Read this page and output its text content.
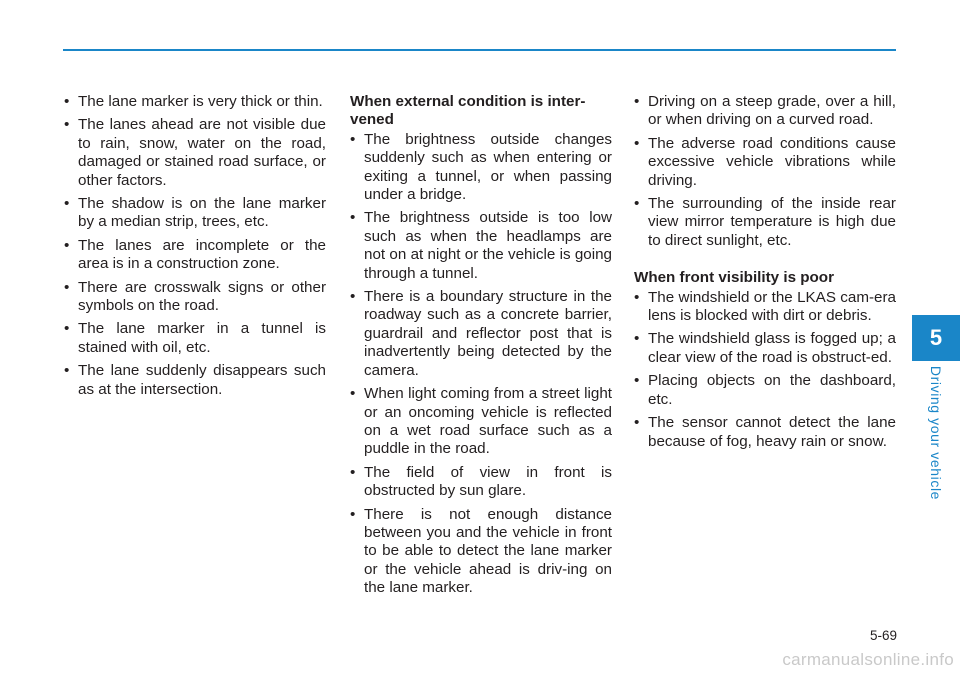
• The lane marker is very thick or thin.
• The lanes ahead are not visible due to rain, snow, water on the road, damaged or stained road surface, or other factors.
• The shadow is on the lane marker by a median strip, trees, etc.
• The lanes are incomplete or the area is in a construction zone.
• There are crosswalk signs or other symbols on the road.
• The lane marker in a tunnel is stained with oil, etc.
• The lane suddenly disappears such as at the intersection.
When external condition is inter-vened
• The brightness outside changes suddenly such as when entering or exiting a tunnel, or when passing under a bridge.
• The brightness outside is too low such as when the headlamps are not on at night or the vehicle is going through a tunnel.
• There is a boundary structure in the roadway such as a concrete barrier, guardrail and reflector post that is inadvertently being detected by the camera.
• When light coming from a street light or an oncoming vehicle is reflected on a wet road surface such as a puddle in the road.
• The field of view in front is obstructed by sun glare.
• There is not enough distance between you and the vehicle in front to be able to detect the lane marker or the vehicle ahead is driv-ing on the lane marker.
• Driving on a steep grade, over a hill, or when driving on a curved road.
• The adverse road conditions cause excessive vehicle vibrations while driving.
• The surrounding of the inside rear view mirror temperature is high due to direct sunlight, etc.
When front visibility is poor
• The windshield or the LKAS cam-era lens is blocked with dirt or debris.
• The windshield glass is fogged up; a clear view of the road is obstruct-ed.
• Placing objects on the dashboard, etc.
• The sensor cannot detect the lane because of fog, heavy rain or snow.
5
Driving your vehicle
5-69
carmanualsonline.info
